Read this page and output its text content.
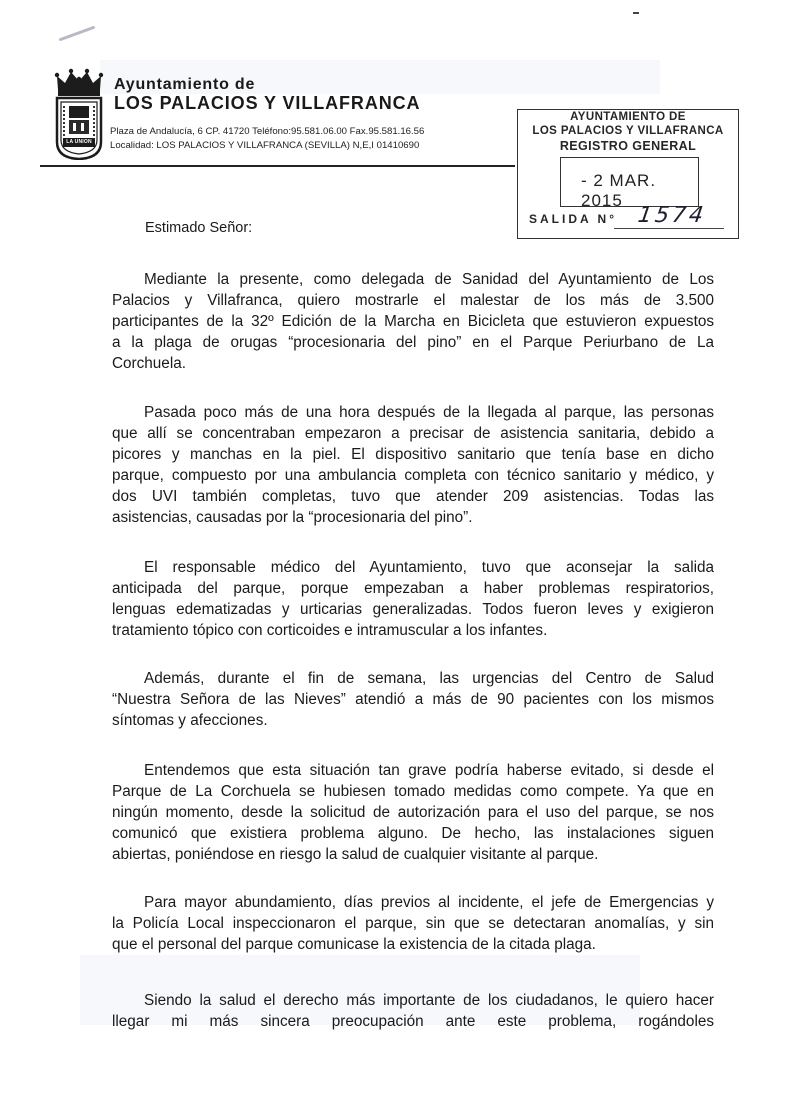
LA UNION
Ayuntamiento de
LOS PALACIOS Y VILLAFRANCA
Plaza de Andalucía, 6 CP. 41720 Teléfono:95.581.06.00 Fax.95.581.16.56
Localidad: LOS PALACIOS Y VILLAFRANCA (SEVILLA) N,E,I 01410690
AYUNTAMIENTO DE
LOS PALACIOS Y VILLAFRANCA
REGISTRO GENERAL
- 2 MAR. 2015
SALIDA N° 1574
Estimado Señor:
Mediante la presente, como delegada de Sanidad del Ayuntamiento de Los
Palacios y Villafranca, quiero mostrarle el malestar de los más de 3.500
participantes de la 32º Edición de la Marcha en Bicicleta que estuvieron expuestos
a la plaga de orugas “procesionaria del pino” en el Parque Periurbano de La
Corchuela.
Pasada poco más de una hora después de la llegada al parque, las personas
que allí se concentraban empezaron a precisar de asistencia sanitaria, debido a
picores y manchas en la piel. El dispositivo sanitario que tenía base en dicho
parque, compuesto por una ambulancia completa con técnico sanitario y médico, y
dos UVI también completas, tuvo que atender 209 asistencias. Todas las
asistencias, causadas por la “procesionaria del pino”.
El responsable médico del Ayuntamiento, tuvo que aconsejar la salida
anticipada del parque, porque empezaban a haber problemas respiratorios,
lenguas edematizadas y urticarias generalizadas. Todos fueron leves y exigieron
tratamiento tópico con corticoides e intramuscular a los infantes.
Además, durante el fin de semana, las urgencias del Centro de Salud
“Nuestra Señora de las Nieves” atendió a más de 90 pacientes con los mismos
síntomas y afecciones.
Entendemos que esta situación tan grave podría haberse evitado, si desde el
Parque de La Corchuela se hubiesen tomado medidas como compete. Ya que en
ningún momento, desde la solicitud de autorización para el uso del parque, se nos
comunicó que existiera problema alguno. De hecho, las instalaciones siguen
abiertas, poniéndose en riesgo la salud de cualquier visitante al parque.
Para mayor abundamiento, días previos al incidente, el jefe de Emergencias y
la Policía Local inspeccionaron el parque, sin que se detectaran anomalías, y sin
que el personal del parque comunicase la existencia de la citada plaga.
Siendo la salud el derecho más importante de los ciudadanos, le quiero hacer
llegar mi más sincera preocupación ante este problema, rogándoles
